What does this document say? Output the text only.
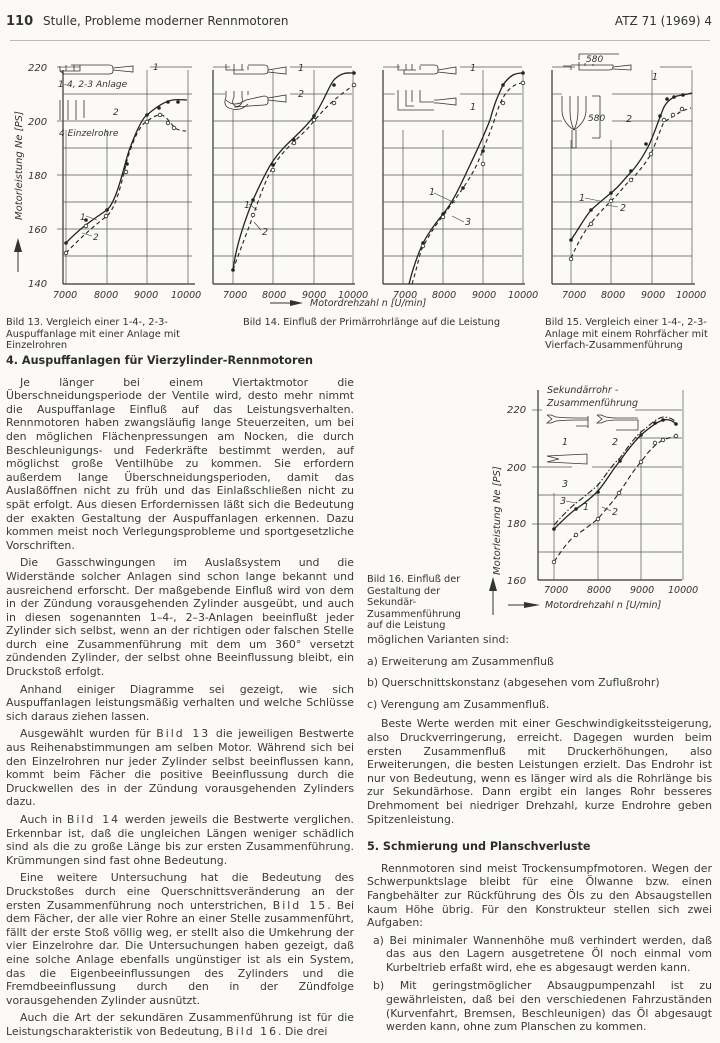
110 Stulle, Probleme moderner Rennmotoren	ATZ 71 (1969) 4
Motorleistung Ne [PS]
220
200
180
160
140
7000 8000 9000 10000
1-4, 2-3 Anlage
4 Einzelrohre
1
2
1
2
7000 8000 9000 10000
1
2
1
2
7000 8000 9000 10000
1
1
1
3
7000 8000 9000 10000
580
580
1
2
1
2
Motordrehzahl n [U/min]
Bild 13. Vergleich einer 1-4-, 2-3-Auspuffanlage mit einer Anlage mit Einzelrohren
Bild 14. Einfluß der Primärrohrlänge auf die Leistung	Bild 15. Vergleich einer 1-4-, 2-3-Anlage mit einem Rohrfächer mit Vierfach-Zusammenführung
4. Auspuffanlagen für Vierzylinder-Rennmotoren

Je länger bei einem Viertaktmotor die Überschneidungsperiode der Ventile wird, desto mehr nimmt die Auspuffanlage Einfluß auf das Leistungsverhalten. Rennmotoren haben zwangsläufig lange Steuerzeiten, um bei den möglichen Flächenpressungen am Nocken, die durch Beschleunigungs- und Federkräfte bestimmt werden, auf möglichst große Ventilhübe zu kommen. Sie erfordern außerdem lange Überschneidungsperioden, damit das Auslaßöffnen nicht zu früh und das Einlaßschließen nicht zu spät erfolgt. Aus diesen Erfordernissen läßt sich die Bedeutung der exakten Gestaltung der Auspuffanlagen erkennen. Dazu kommen meist noch Verlegungsprobleme und sportgesetzliche Vorschriften.

Die Gasschwingungen im Auslaßsystem und die Widerstände solcher Anlagen sind schon lange bekannt und ausreichend erforscht. Der maßgebende Einfluß wird von dem in der Zündung vorausgehenden Zylinder ausgeübt, und auch in diesen sogenannten 1–4-, 2–3-Anlagen beeinflußt jeder Zylinder sich selbst, wenn an der richtigen oder falschen Stelle durch eine Zusammenführung mit dem um 360° versetzt zündenden Zylinder, der selbst ohne Beeinflussung bleibt, ein Druckstoß erfolgt.

Anhand einiger Diagramme sei gezeigt, wie sich Auspuffanlagen leistungsmäßig verhalten und welche Schlüsse sich daraus ziehen lassen.

Ausgewählt wurden für Bild 13 die jeweiligen Bestwerte aus Reihenabstimmungen am selben Motor. Während sich bei den Einzelrohren nur jeder Zylinder selbst beeinflussen kann, kommt beim Fächer die positive Beeinflussung durch die Druckwellen des in der Zündung vorausgehenden Zylinders dazu.

Auch in Bild 14 werden jeweils die Bestwerte verglichen. Erkennbar ist, daß die ungleichen Längen weniger schädlich sind als die zu große Länge bis zur ersten Zusammenführung. Krümmungen sind fast ohne Bedeutung.

Eine weitere Untersuchung hat die Bedeutung des Druckstoßes durch eine Querschnittsveränderung an der ersten Zusammenführung noch unterstrichen, Bild 15. Bei dem Fächer, der alle vier Rohre an einer Stelle zusammenführt, fällt der erste Stoß völlig weg, er stellt also die Umkehrung der vier Einzelrohre dar. Die Untersuchungen haben gezeigt, daß eine solche Anlage ebenfalls ungünstiger ist als ein System, das die Eigenbeeinflussungen des Zylinders und die Fremdbeeinflussung durch den in der Zündfolge vorausgehenden Zylinder ausnützt.

Auch die Art der sekundären Zusammenführung ist für die Leistungscharakteristik von Bedeutung, Bild 16. Die drei

Bild 16. Einfluß der Gestaltung der Sekundär-Zusammenführung auf die Leistung
Motorleistung Ne [PS]
220
200
180
160
7000 8000 9000 10000
Motordrehzahl n [U/min]
Sekundärrohr -
Zusammenführung
1	2
3
3
1 2

möglichen Varianten sind:

a) Erweiterung am Zusammenfluß

b) Querschnittskonstanz (abgesehen vom Zuflußrohr)

c) Verengung am Zusammenfluß.

Beste Werte werden mit einer Geschwindigkeitssteigerung, also Druckverringerung, erreicht. Dagegen wurden beim ersten Zusammenfluß mit Druckerhöhungen, also Erweiterungen, die besten Leistungen erzielt. Das Endrohr ist nur von Bedeutung, wenn es länger wird als die Rohrlänge bis zur Sekundärhose. Dann ergibt ein langes Rohr besseres Drehmoment bei niedriger Drehzahl, kurze Endrohre geben Spitzenleistung.

5. Schmierung und Planschverluste

Rennmotoren sind meist Trockensumpfmotoren. Wegen der Schwerpunktslage bleibt für eine Ölwanne bzw. einen Fangbehälter zur Rückführung des Öls zu den Absaugstellen kaum Höhe übrig. Für den Konstrukteur stellen sich zwei Aufgaben:

a) Bei minimaler Wannenhöhe muß verhindert werden, daß das aus den Lagern ausgetretene Öl noch einmal vom Kurbeltrieb erfaßt wird, ehe es abgesaugt werden kann.

b) Mit geringstmöglicher Absaugpumpenzahl ist zu gewährleisten, daß bei den verschiedenen Fahrzuständen (Kurvenfahrt, Bremsen, Beschleunigen) das Öl abgesaugt werden kann, ohne zum Planschen zu kommen.
